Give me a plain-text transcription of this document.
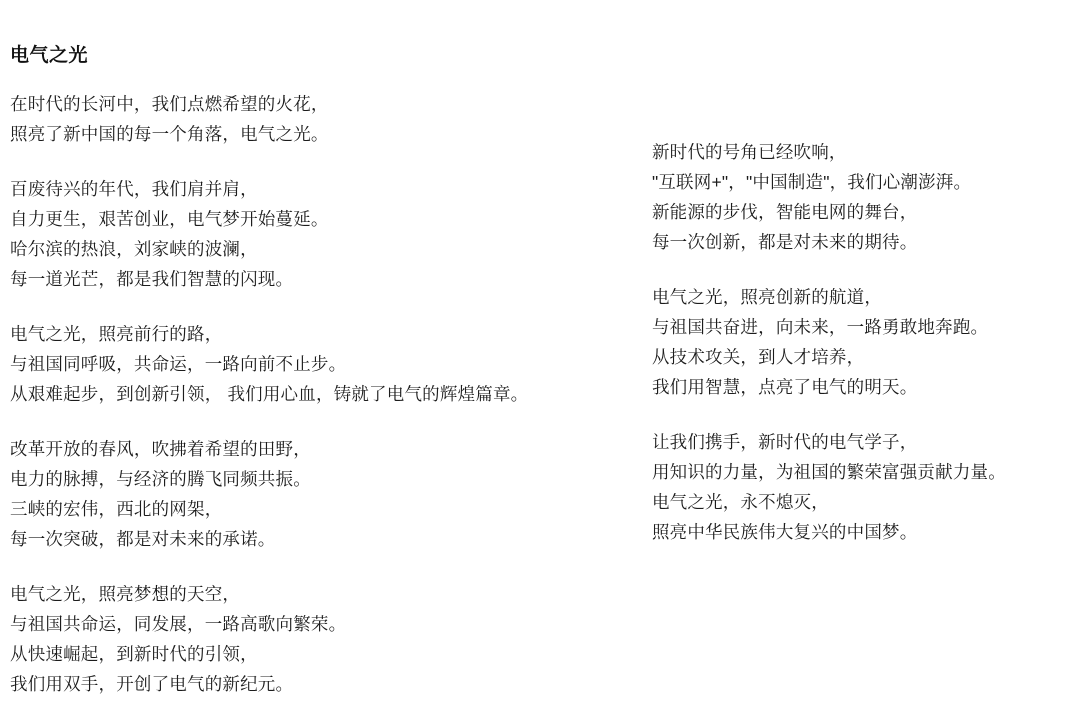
电气之光
在时代的长河中，我们点燃希望的火花，
照亮了新中国的每一个角落，电气之光。
百废待兴的年代，我们肩并肩，
自力更生，艰苦创业，电气梦开始蔓延。
哈尔滨的热浪，刘家峡的波澜，
每一道光芒，都是我们智慧的闪现。
电气之光，照亮前行的路，
与祖国同呼吸，共命运，一路向前不止步。
从艰难起步，到创新引领， 我们用心血，铸就了电气的辉煌篇章。
改革开放的春风，吹拂着希望的田野，
电力的脉搏，与经济的腾飞同频共振。
三峡的宏伟，西北的网架，
每一次突破，都是对未来的承诺。
电气之光，照亮梦想的天空，
与祖国共命运，同发展，一路高歌向繁荣。
从快速崛起，到新时代的引领，
我们用双手，开创了电气的新纪元。
新时代的号角已经吹响，
"互联网+"，"中国制造"，我们心潮澎湃。
新能源的步伐，智能电网的舞台，
每一次创新，都是对未来的期待。
电气之光，照亮创新的航道，
与祖国共奋进，向未来，一路勇敢地奔跑。
从技术攻关，到人才培养，
我们用智慧，点亮了电气的明天。
让我们携手，新时代的电气学子，
用知识的力量，为祖国的繁荣富强贡献力量。
电气之光，永不熄灭，
照亮中华民族伟大复兴的中国梦。
